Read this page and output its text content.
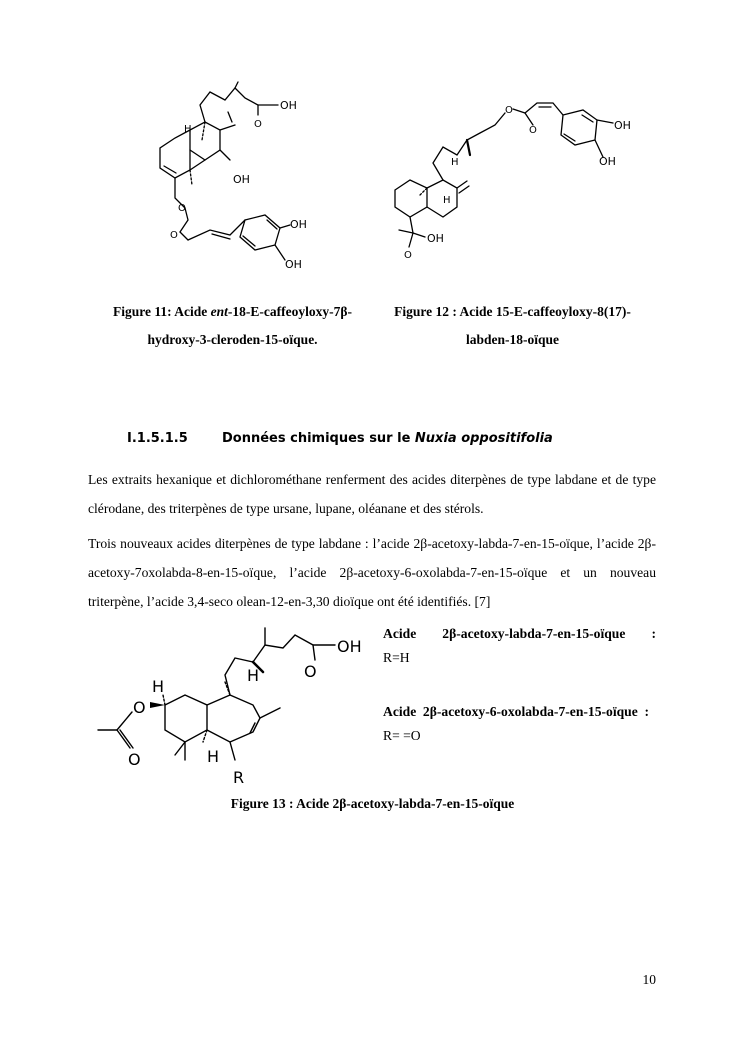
OH
O
H
OH
O
O
OH
OH
O
O	OH
OH
H
H
OH
O
Figure 11: Acide ent-18-E-caffeoyloxy-7β-
hydroxy-3-cleroden-15-oïque.
Figure 12 : Acide 15-E-caffeoyloxy-8(17)-
labden-18-oïque
I.1.5.1.5	Données chimiques sur le Nuxia oppositifolia
Les extraits hexanique et dichlorométhane renferment des acides diterpènes de type labdane et de type clérodane, des triterpènes de type ursane, lupane, oléanane et des stérols.
Trois nouveaux acides diterpènes de type labdane : l’acide 2β-acetoxy-labda-7-en-15-oïque, l’acide 2β-acetoxy-7oxolabda-8-en-15-oïque, l’acide 2β-acetoxy-6-oxolabda-7-en-15-oïque et un nouveau triterpène, l’acide 3,4-seco olean-12-en-3,30 dioïque ont été identifiés. [7]
OH
O
H
H
O
O	H
R
Acide 2β-acetoxy-labda-7-en-15-oïque :
R=H
Acide 2β-acetoxy-6-oxolabda-7-en-15-oïque : R= =O
Figure 13 : Acide 2β-acetoxy-labda-7-en-15-oïque
10
